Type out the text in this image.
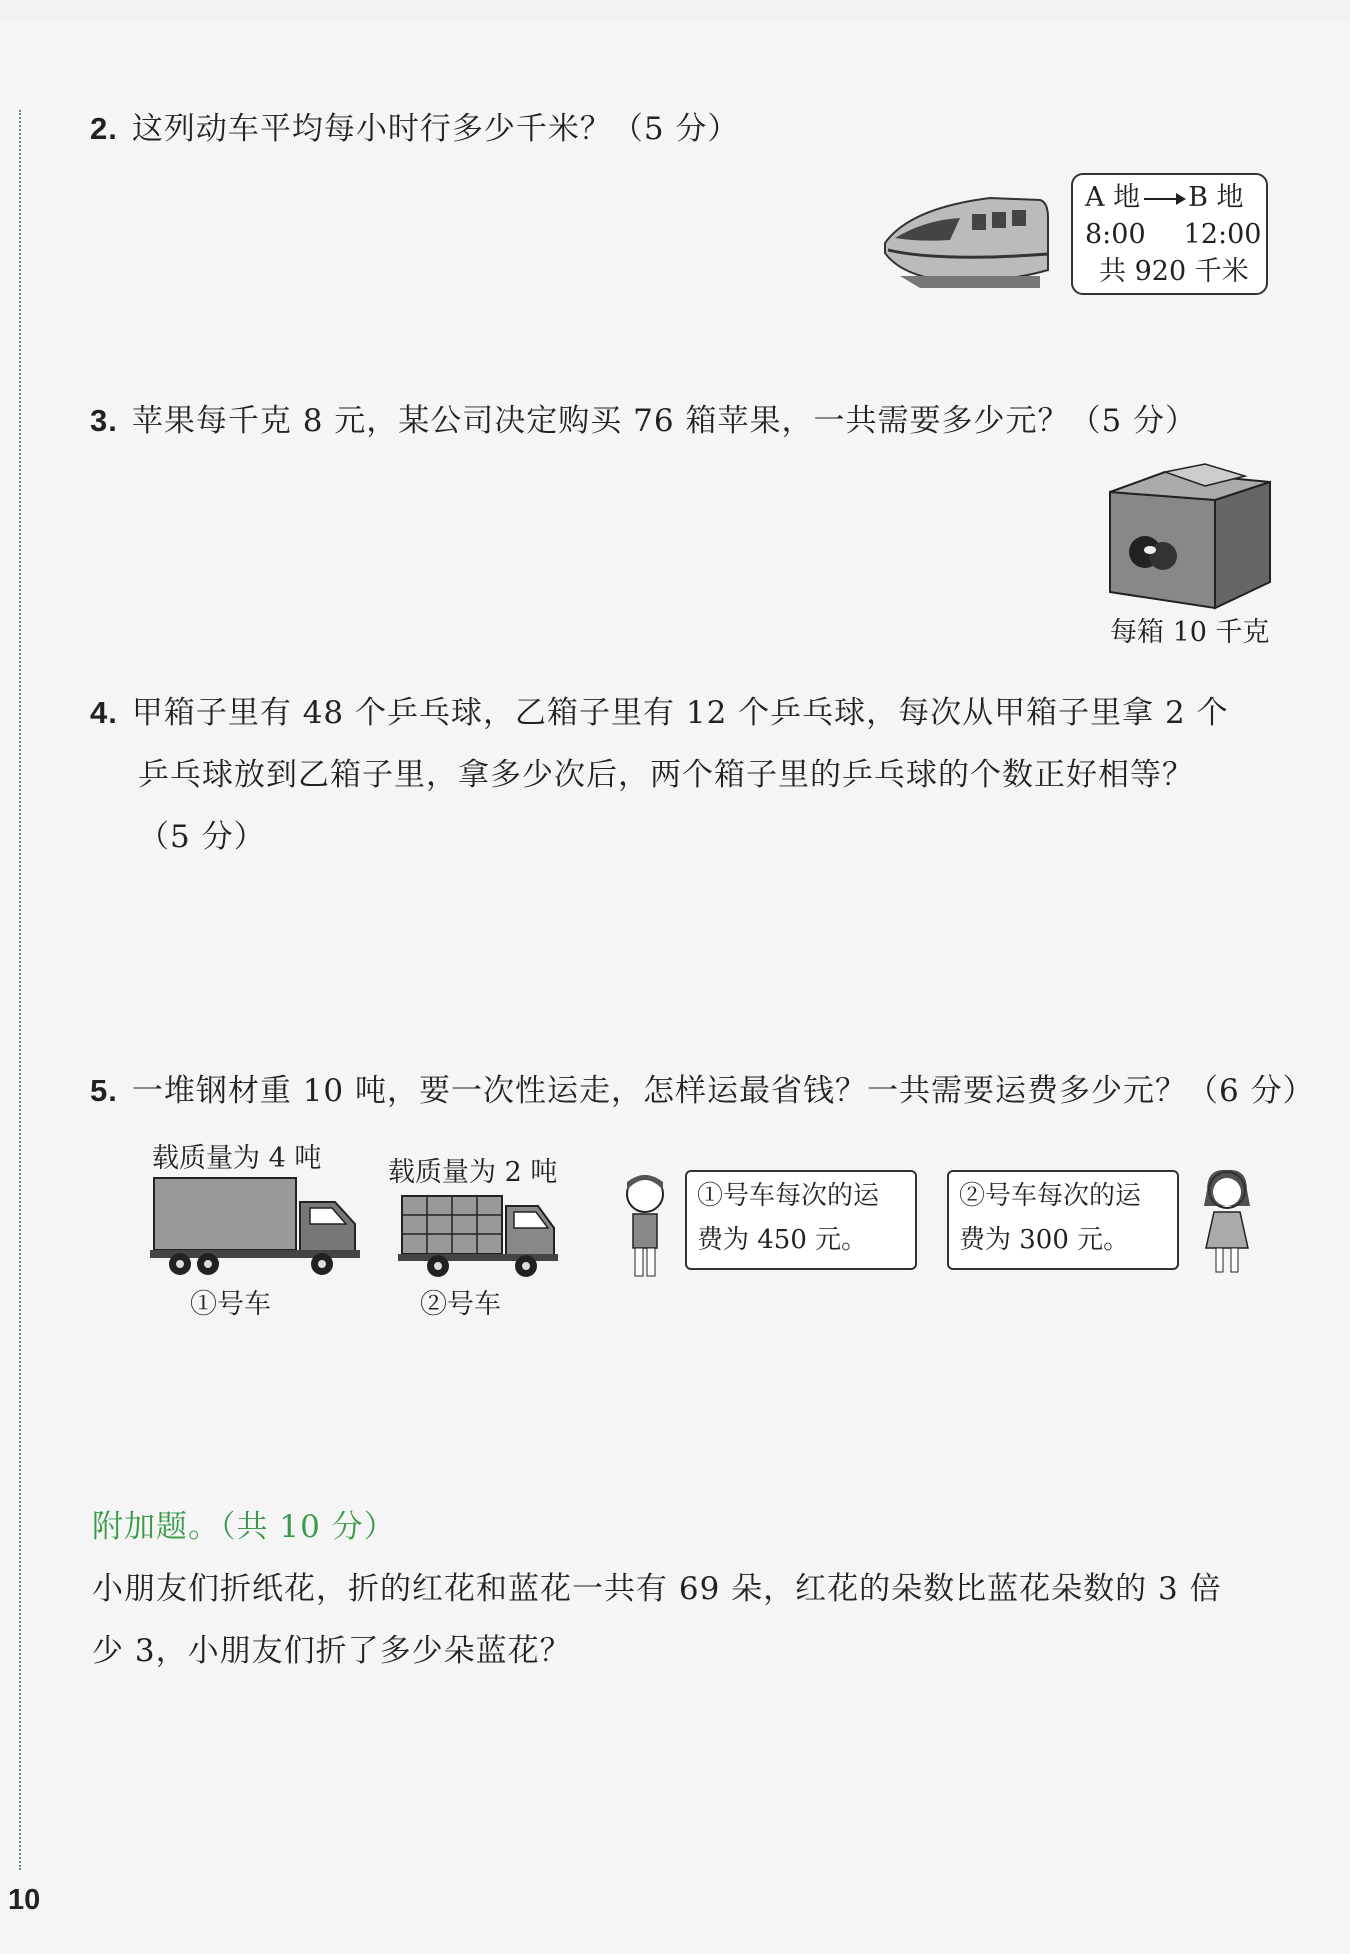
2. 这列动车平均每小时行多少千米？（5 分）
A 地 B 地
8:00 12:00
共 920 千米
3. 苹果每千克 8 元，某公司决定购买 76 箱苹果，一共需要多少元？（5 分）
每箱 10 千克
4. 甲箱子里有 48 个乒乓球，乙箱子里有 12 个乒乓球，每次从甲箱子里拿 2 个
乒乓球放到乙箱子里，拿多少次后，两个箱子里的乒乓球的个数正好相等？
（5 分）
5. 一堆钢材重 10 吨，要一次性运走，怎样运最省钱？一共需要运费多少元？（6 分）
载质量为 4 吨
①号车
载质量为 2 吨
②号车
①号车每次的运
费为 450 元。
②号车每次的运
费为 300 元。
附加题。（共 10 分）
小朋友们折纸花，折的红花和蓝花一共有 69 朵，红花的朵数比蓝花朵数的 3 倍
少 3，小朋友们折了多少朵蓝花？
10
